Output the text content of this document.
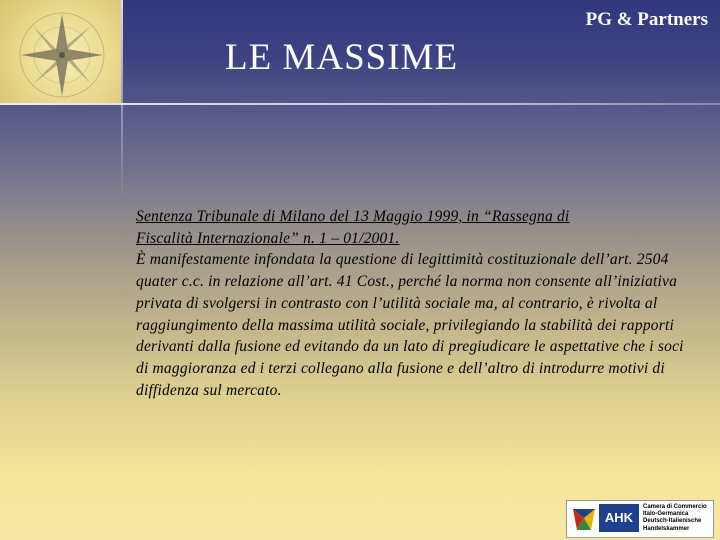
PG & Partners
LE MASSIME
Sentenza Tribunale di Milano del 13 Maggio 1999, in “Rassegna di
Fiscalità Internazionale” n. 1 – 01/2001.
È manifestamente infondata la questione di legittimità costituzionale dell’art. 2504 quater c.c. in relazione all’art. 41 Cost., perché la norma non consente all’iniziativa privata di svolgersi in contrasto con l’utilità sociale ma, al contrario, è rivolta al raggiungimento della massima utilità sociale, privilegiando la stabilità dei rapporti derivanti dalla fusione ed evitando da un lato di pregiudicare le aspettative che i soci di maggioranza ed i terzi collegano alla fusione e dell’altro di introdurre motivi di diffidenza sul mercato.
AHK
Camera di Commercio
Italo-Germanica
Deutsch-Italienische
Handelskammer
